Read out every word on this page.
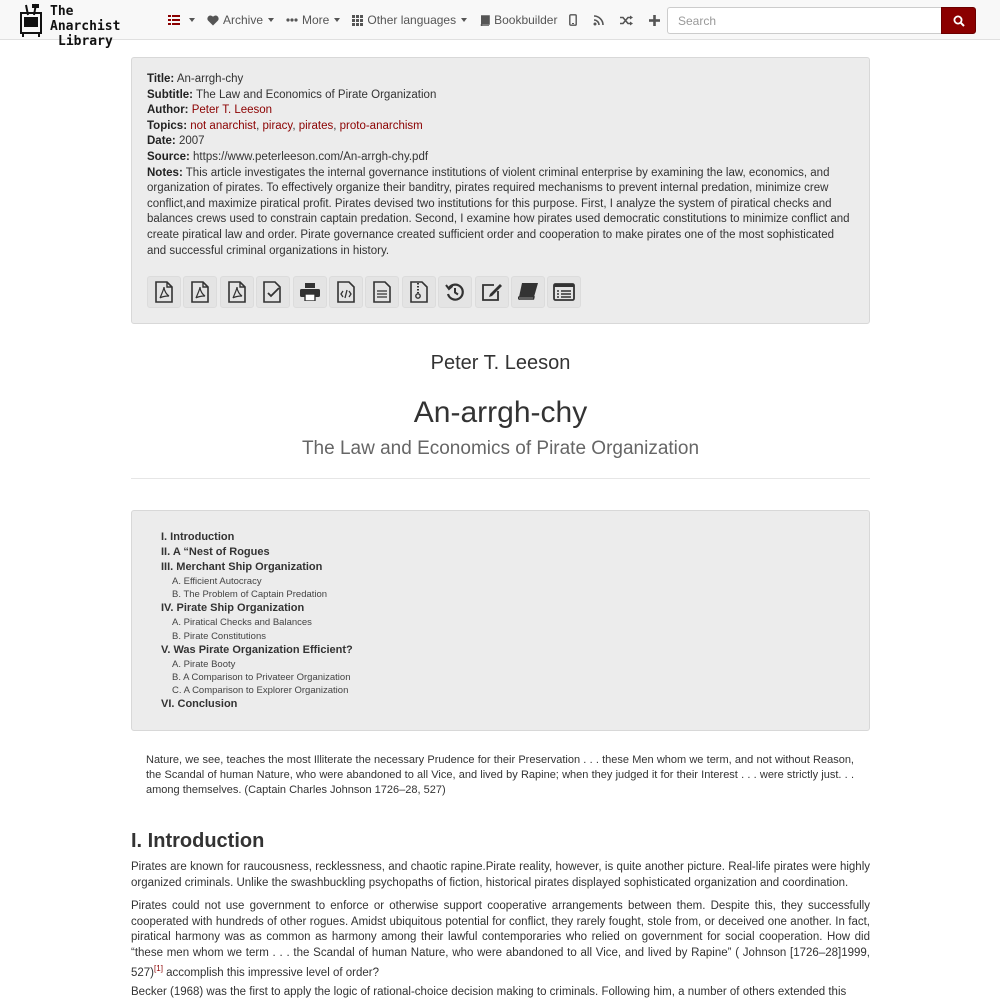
The Anarchist
Library
Archive	More	Other languages	Bookbuilder
Search
Title: An-arrgh-chy
Subtitle: The Law and Economics of Pirate Organization
Author: Peter T. Leeson
Topics: not anarchist, piracy, pirates, proto-anarchism
Date: 2007
Source: https://www.peterleeson.com/An-arrgh-chy.pdf
Notes: This article investigates the internal governance institutions of violent criminal enterprise by examining the law, economics, and organization of pirates. To effectively organize their banditry, pirates required mechanisms to prevent internal predation, minimize crew conflict,and maximize piratical profit. Pirates devised two institutions for this purpose. First, I analyze the system of piratical checks and balances crews used to constrain captain predation. Second, I examine how pirates used democratic constitutions to minimize conflict and create piratical law and order. Pirate governance created sufficient order and cooperation to make pirates one of the most sophisticated and successful criminal organizations in history.
Peter T. Leeson
An-arrgh-chy
The Law and Economics of Pirate Organization
I. Introduction
II. A “Nest of Rogues
III. Merchant Ship Organization
A. Efficient Autocracy
B. The Problem of Captain Predation
IV. Pirate Ship Organization
A. Piratical Checks and Balances
B. Pirate Constitutions
V. Was Pirate Organization Efficient?
A. Pirate Booty
B. A Comparison to Privateer Organization
C. A Comparison to Explorer Organization
VI. Conclusion
Nature, we see, teaches the most Illiterate the necessary Prudence for their Preservation . . . these Men whom we term, and not without Reason, the Scandal of human Nature, who were abandoned to all Vice, and lived by Rapine; when they judged it for their Interest . . . were strictly just. . . among themselves. (Captain Charles Johnson 1726–28, 527)
I. Introduction
Pirates are known for raucousness, recklessness, and chaotic rapine.Pirate reality, however, is quite another picture. Real-life pirates were highly organized criminals. Unlike the swashbuckling psychopaths of fiction, historical pirates displayed sophisticated organization and coordination.
Pirates could not use government to enforce or otherwise support cooperative arrangements between them. Despite this, they successfully cooperated with hundreds of other rogues. Amidst ubiquitous potential for conflict, they rarely fought, stole from, or deceived one another. In fact, piratical harmony was as common as harmony among their lawful contemporaries who relied on government for social cooperation. How did “these men whom we term . . . the Scandal of human Nature, who were abandoned to all Vice, and lived by Rapine” ( Johnson [1726–28]1999, 527)[1] accomplish this impressive level of order?
Becker (1968) was the first to apply the logic of rational-choice decision making to criminals. Following him, a number of others extended this
